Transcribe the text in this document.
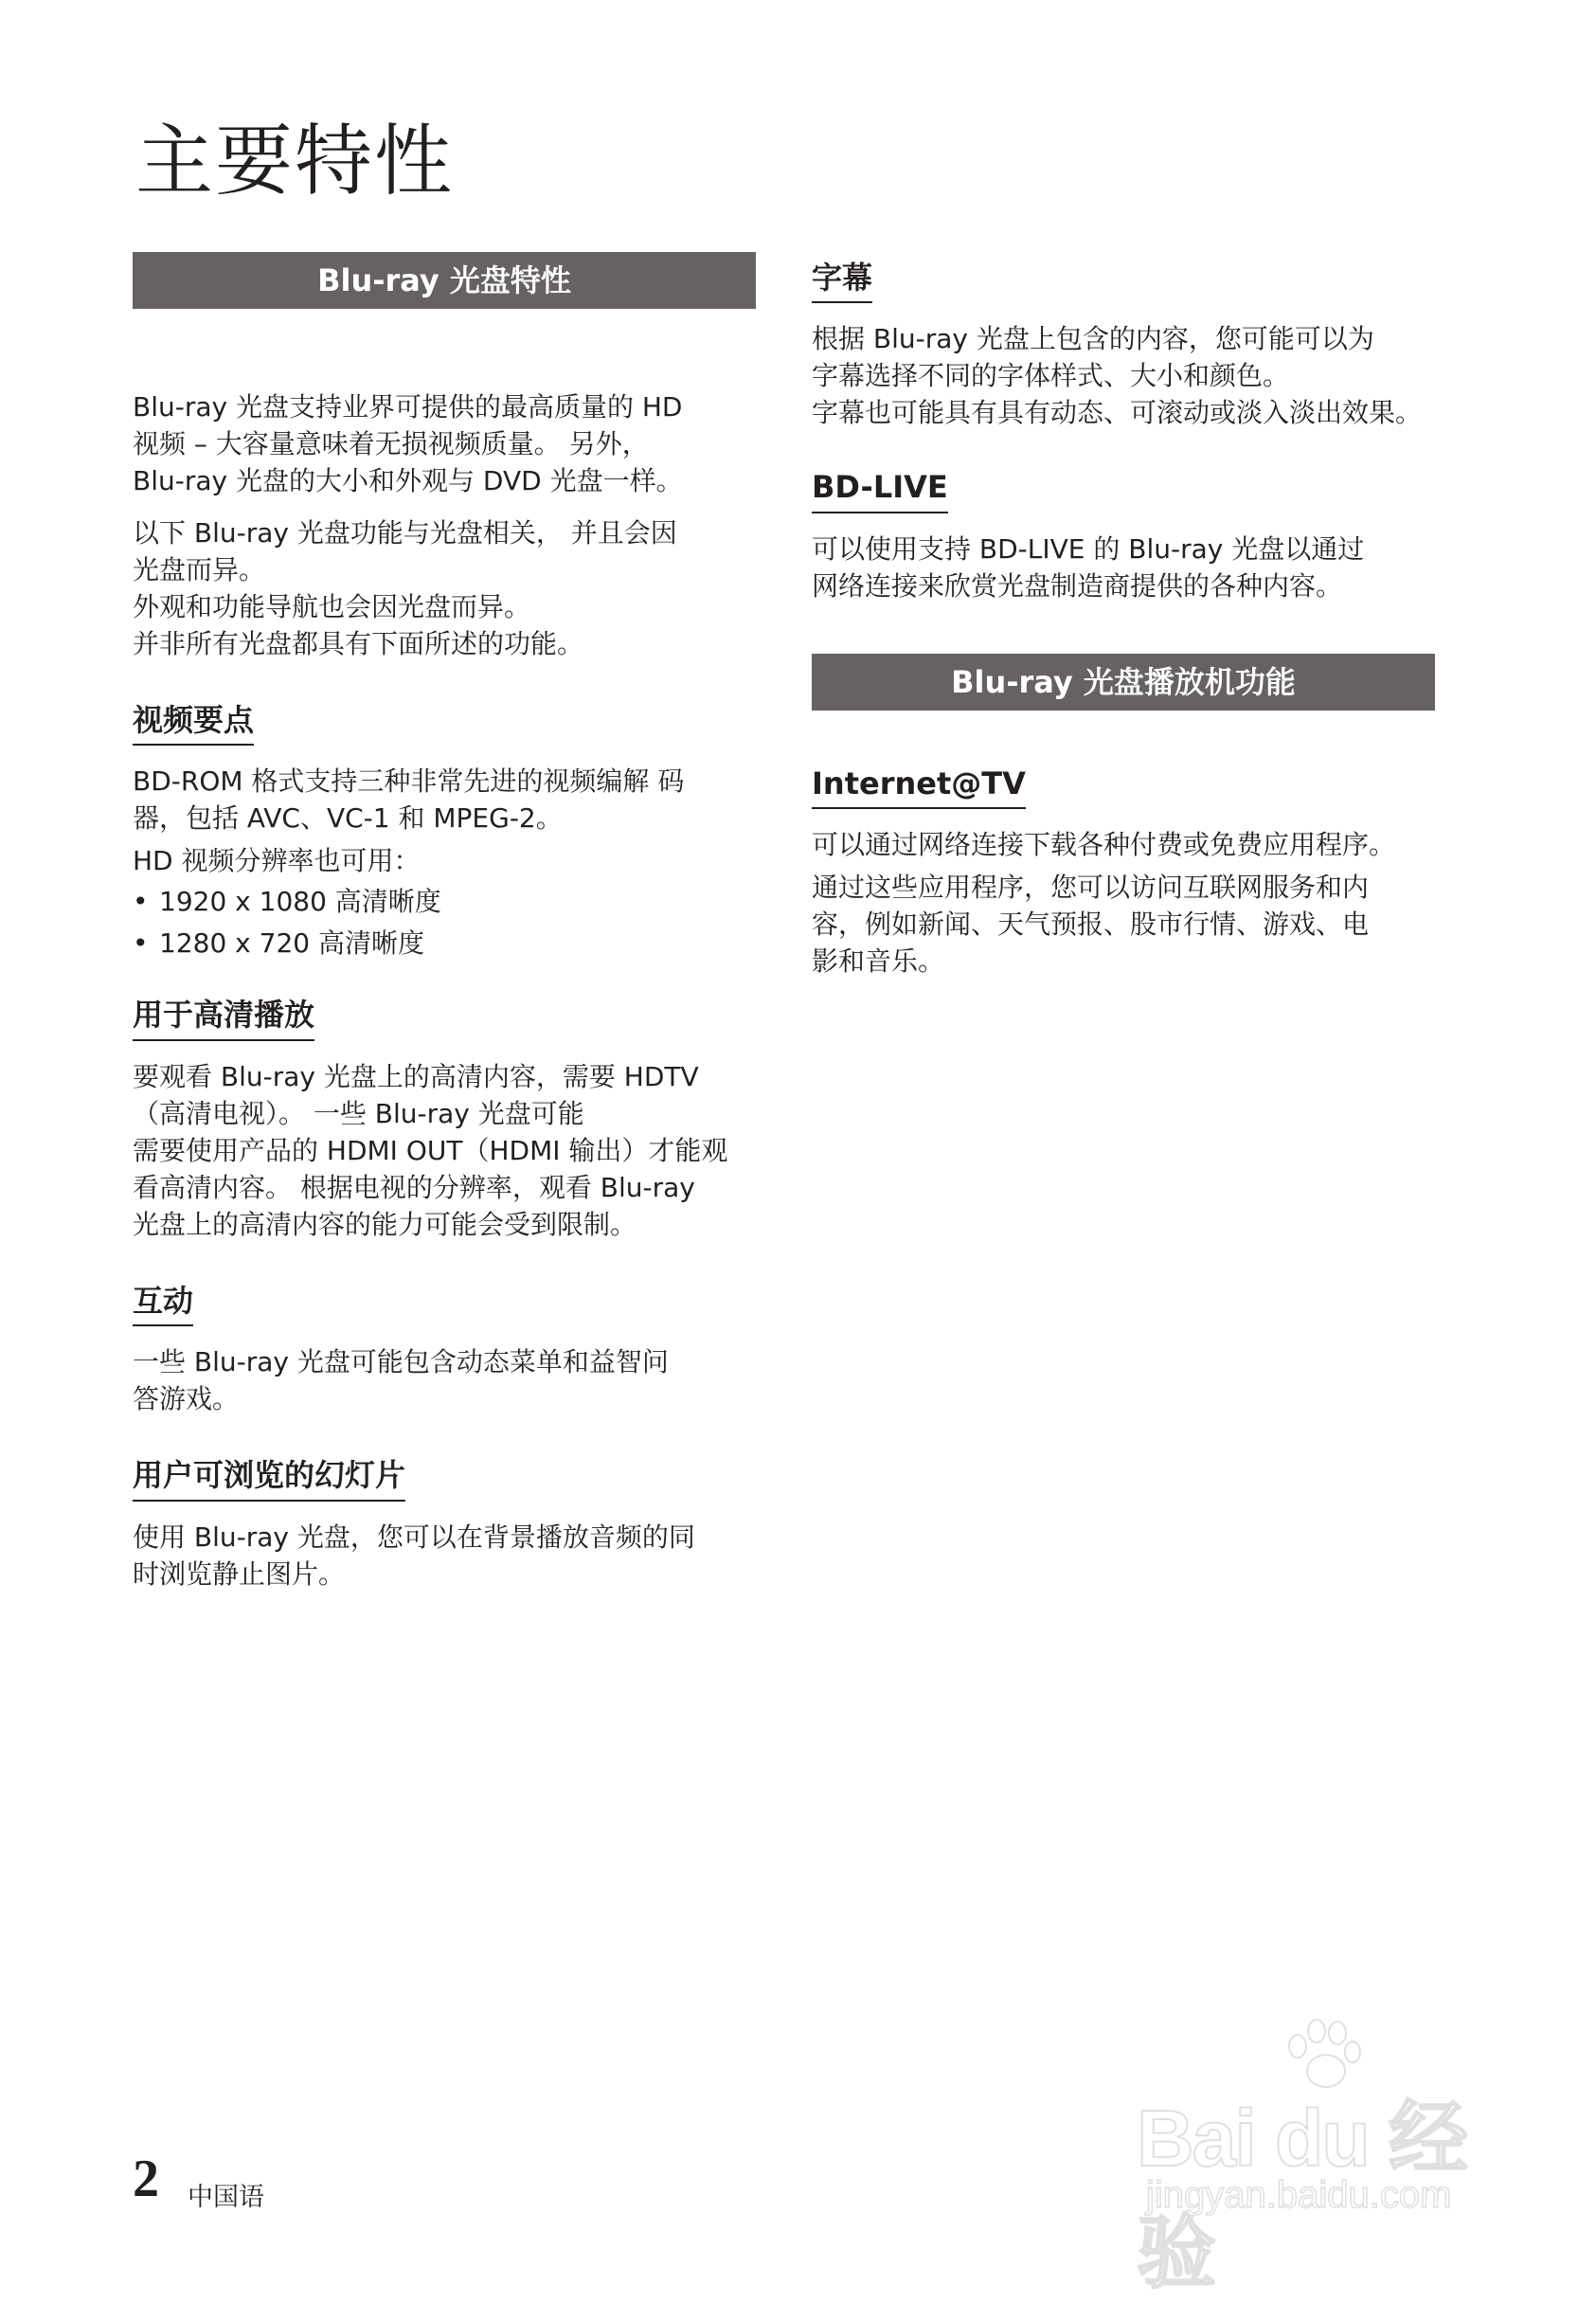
主要特性
Blu-ray 光盘特性

Blu-ray 光盘支持业界可提供的最高质量的 HD
视频 – 大容量意味着无损视频质量。 另外，
Blu-ray 光盘的大小和外观与 DVD 光盘一样。

以下 Blu-ray 光盘功能与光盘相关， 并且会因
光盘而异。
外观和功能导航也会因光盘而异。
并非所有光盘都具有下面所述的功能。

视频要点

BD-ROM 格式支持三种非常先进的视频编解 码
器，包括 AVC、VC-1 和 MPEG-2。

HD 视频分辨率也可用：

• 1920 x 1080 高清晰度
• 1280 x 720 高清晰度
用于高清播放

要观看 Blu-ray 光盘上的高清内容，需要 HDTV
（高清电视）。 一些 Blu-ray 光盘可能
需要使用产品的 HDMI OUT（HDMI 输出）才能观
看高清内容。 根据电视的分辨率，观看 Blu-ray
光盘上的高清内容的能力可能会受到限制。

互动

一些 Blu-ray 光盘可能包含动态菜单和益智问
答游戏。

用户可浏览的幻灯片

使用 Blu-ray 光盘，您可以在背景播放音频的同
时浏览静止图片。

字幕

根据 Blu-ray 光盘上包含的内容，您可能可以为
字幕选择不同的字体样式、大小和颜色。
字幕也可能具有具有动态、可滚动或淡入淡出效果。

BD-LIVE

可以使用支持 BD-LIVE 的 Blu-ray 光盘以通过
网络连接来欣赏光盘制造商提供的各种内容。

Blu-ray 光盘播放机功能
Internet@TV

可以通过网络连接下载各种付费或免费应用程序。

通过这些应用程序，您可以访问互联网服务和内
容，例如新闻、天气预报、股市行情、游戏、电
影和音乐。

Bai du 经验
jingyan.baidu.com
2 中国语
